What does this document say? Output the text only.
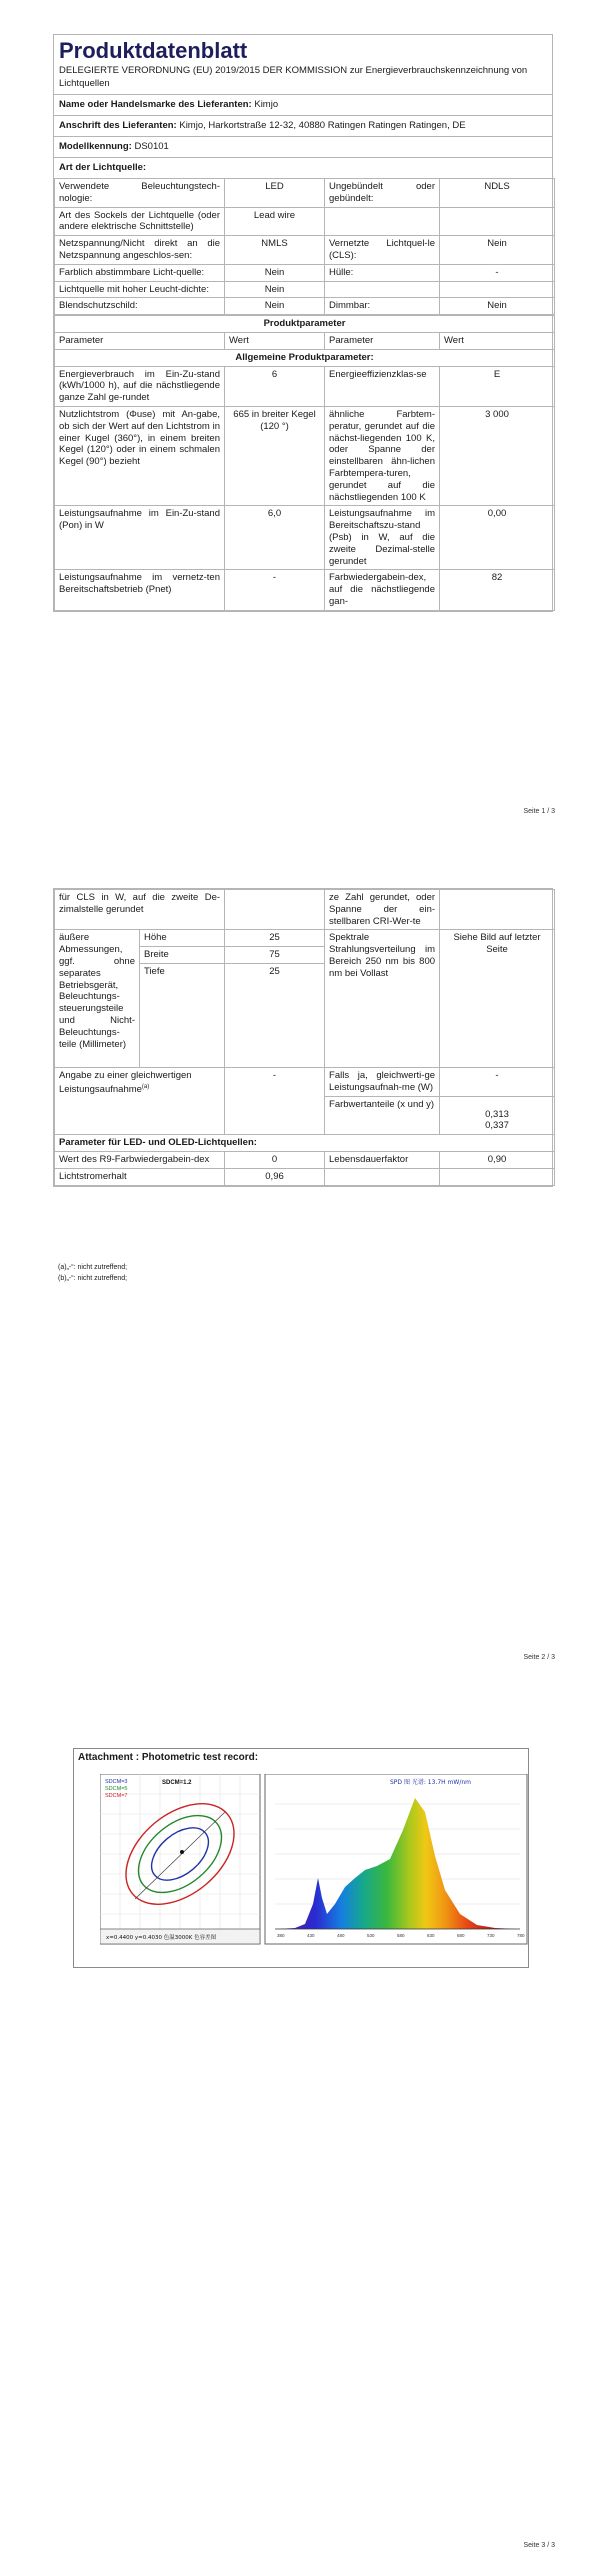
Produktdatenblatt
DELEGIERTE VERORDNUNG (EU) 2019/2015 DER KOMMISSION zur Energieverbrauchskennzeichnung von Lichtquellen
Name oder Handelsmarke des Lieferanten: Kimjo
Anschrift des Lieferanten: Kimjo, Harkortstraße 12-32, 40880 Ratingen Ratingen Ratingen, DE
Modellkennung: DS0101
Art der Lichtquelle:
Verwendete Beleuchtungstech-nologie:	LED	Ungebündelt oder gebündelt:	NDLS
Art des Sockels der Lichtquelle (oder andere elektrische Schnittstelle)	Lead wire		
Netzspannung/Nicht direkt an die Netzspannung angeschlos-sen:	NMLS	Vernetzte Lichtquel-le (CLS):	Nein
Farblich abstimmbare Licht-quelle:	Nein	Hülle:	-
Lichtquelle mit hoher Leucht-dichte:	Nein		
Blendschutzschild:	Nein	Dimmbar:	Nein
Produktparameter			
Parameter	Wert	Parameter	Wert
Allgemeine Produktparameter:			
Energieverbrauch im Ein-Zu-stand (kWh/1000 h), auf die nächstliegende ganze Zahl ge-rundet	6	Energieeffizienzklas-se	E
Nutzlichtstrom (Φuse) mit An-gabe, ob sich der Wert auf den Lichtstrom in einer Kugel (360°), in einem breiten Kegel (120°) oder in einem schmalen Kegel (90°) bezieht	665 in breiter Kegel (120 °)	ähnliche Farbtem-peratur, gerundet auf die nächst-liegenden 100 K, oder Spanne der einstellbaren ähn-lichen Farbtempera-turen, gerundet auf die nächstliegenden 100 K	3 000
Leistungsaufnahme im Ein-Zu-stand (Pon) in W	6,0	Leistungsaufnahme im Bereitschaftszu-stand (Psb) in W, auf die zweite Dezimal-stelle gerundet	0,00
Leistungsaufnahme im vernetz-ten Bereitschaftsbetrieb (Pnet)	-	Farbwiedergabein-dex, auf die nächstliegende gan-	82
Seite 1 / 3
für CLS in W, auf die zweite De-zimalstelle gerundet			ze Zahl gerundet, oder Spanne der ein-stellbaren CRI-Wer-te	
äußere Abmessungen, ggf. ohne separates Betriebsgerät, Beleuchtungs-steuerungsteile und Nicht-Beleuchtungs-teile (Millimeter)	Höhe	25	Spektrale Strahlungsverteilung im Bereich 250 nm bis 800 nm bei Vollast	Siehe Bild auf letzter Seite
	Breite	75		
	Tiefe	25		
Angabe zu einer gleichwertigen Leistungsaufnahme$^{(a)}$		-	Falls ja, gleichwerti-ge Leistungsaufnah-me (W)	-
			Farbwertanteile (x und y)	0,313
0,337

Parameter für LED- und OLED-Lichtquellen:				
Wert des R9-Farbwiedergabein-dex		0	Lebensdauerfaktor	0,90
Lichtstromerhalt		0,96		
(a)„-“: nicht zutreffend;
(b)„-“: nicht zutreffend;
Seite 2 / 3
Attachment : Photometric test record:
SDCM=3
SDCM=5
SDCM=7
SDCM=1.2
x=0.4400 y=0.4030 色温3000K 色容差图
SPD 图 光谱: 13.7H mW/nm
380	430	480	530	580	630	680	730	780
Seite 3 / 3
